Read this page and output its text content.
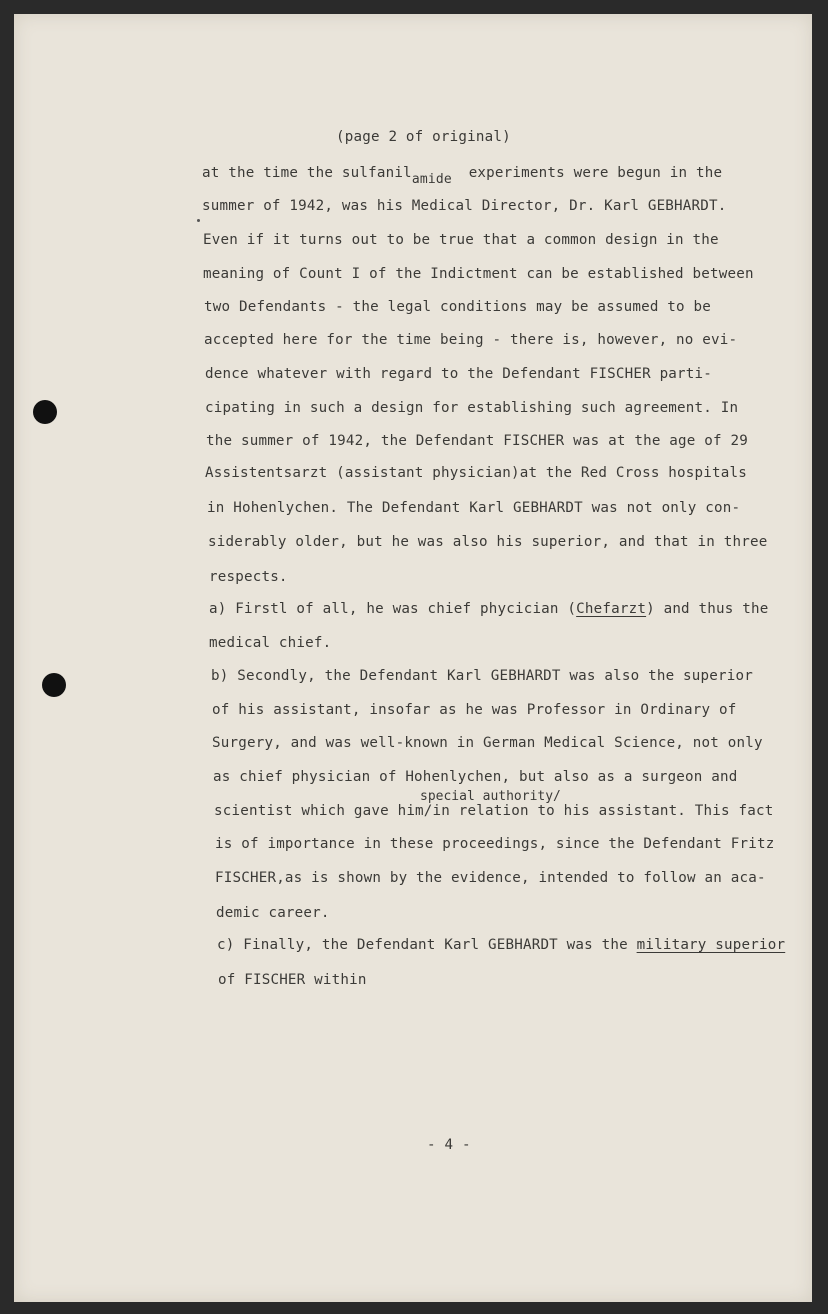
(page 2 of original)
at the time the sulfanilamide experiments were begun in the
summer of 1942, was his Medical Director, Dr. Karl GEBHARDT.
Even if it turns out to be true that a common design in the
meaning of Count I of the Indictment can be established between
two Defendants - the legal conditions may be assumed to be
accepted here for the time being - there is, however, no evi-
dence whatever with regard to the Defendant FISCHER parti-
cipating in such a design for establishing such agreement. In
the summer of 1942, the Defendant FISCHER was at the age of 29
Assistentsarzt (assistant physician)at the Red Cross hospitals
in Hohenlychen. The Defendant Karl GEBHARDT was not only con-
siderably older, but he was also his superior, and that in three
respects.
a) Firstl of all, he was chief phycician (Chefarzt) and thus the
medical chief.
b) Secondly, the Defendant Karl GEBHARDT was also the superior
of his assistant, insofar as he was Professor in Ordinary of
Surgery, and was well-known in German Medical Science, not only
as chief physician of Hohenlychen, but also as a surgeon and
special authority/
scientist which gave him/in relation to his assistant. This fact
is of importance in these proceedings, since the Defendant Fritz
FISCHER,as is shown by the evidence, intended to follow an aca-
demic career.
c) Finally, the Defendant Karl GEBHARDT was the military superior
of FISCHER within
- 4 -
